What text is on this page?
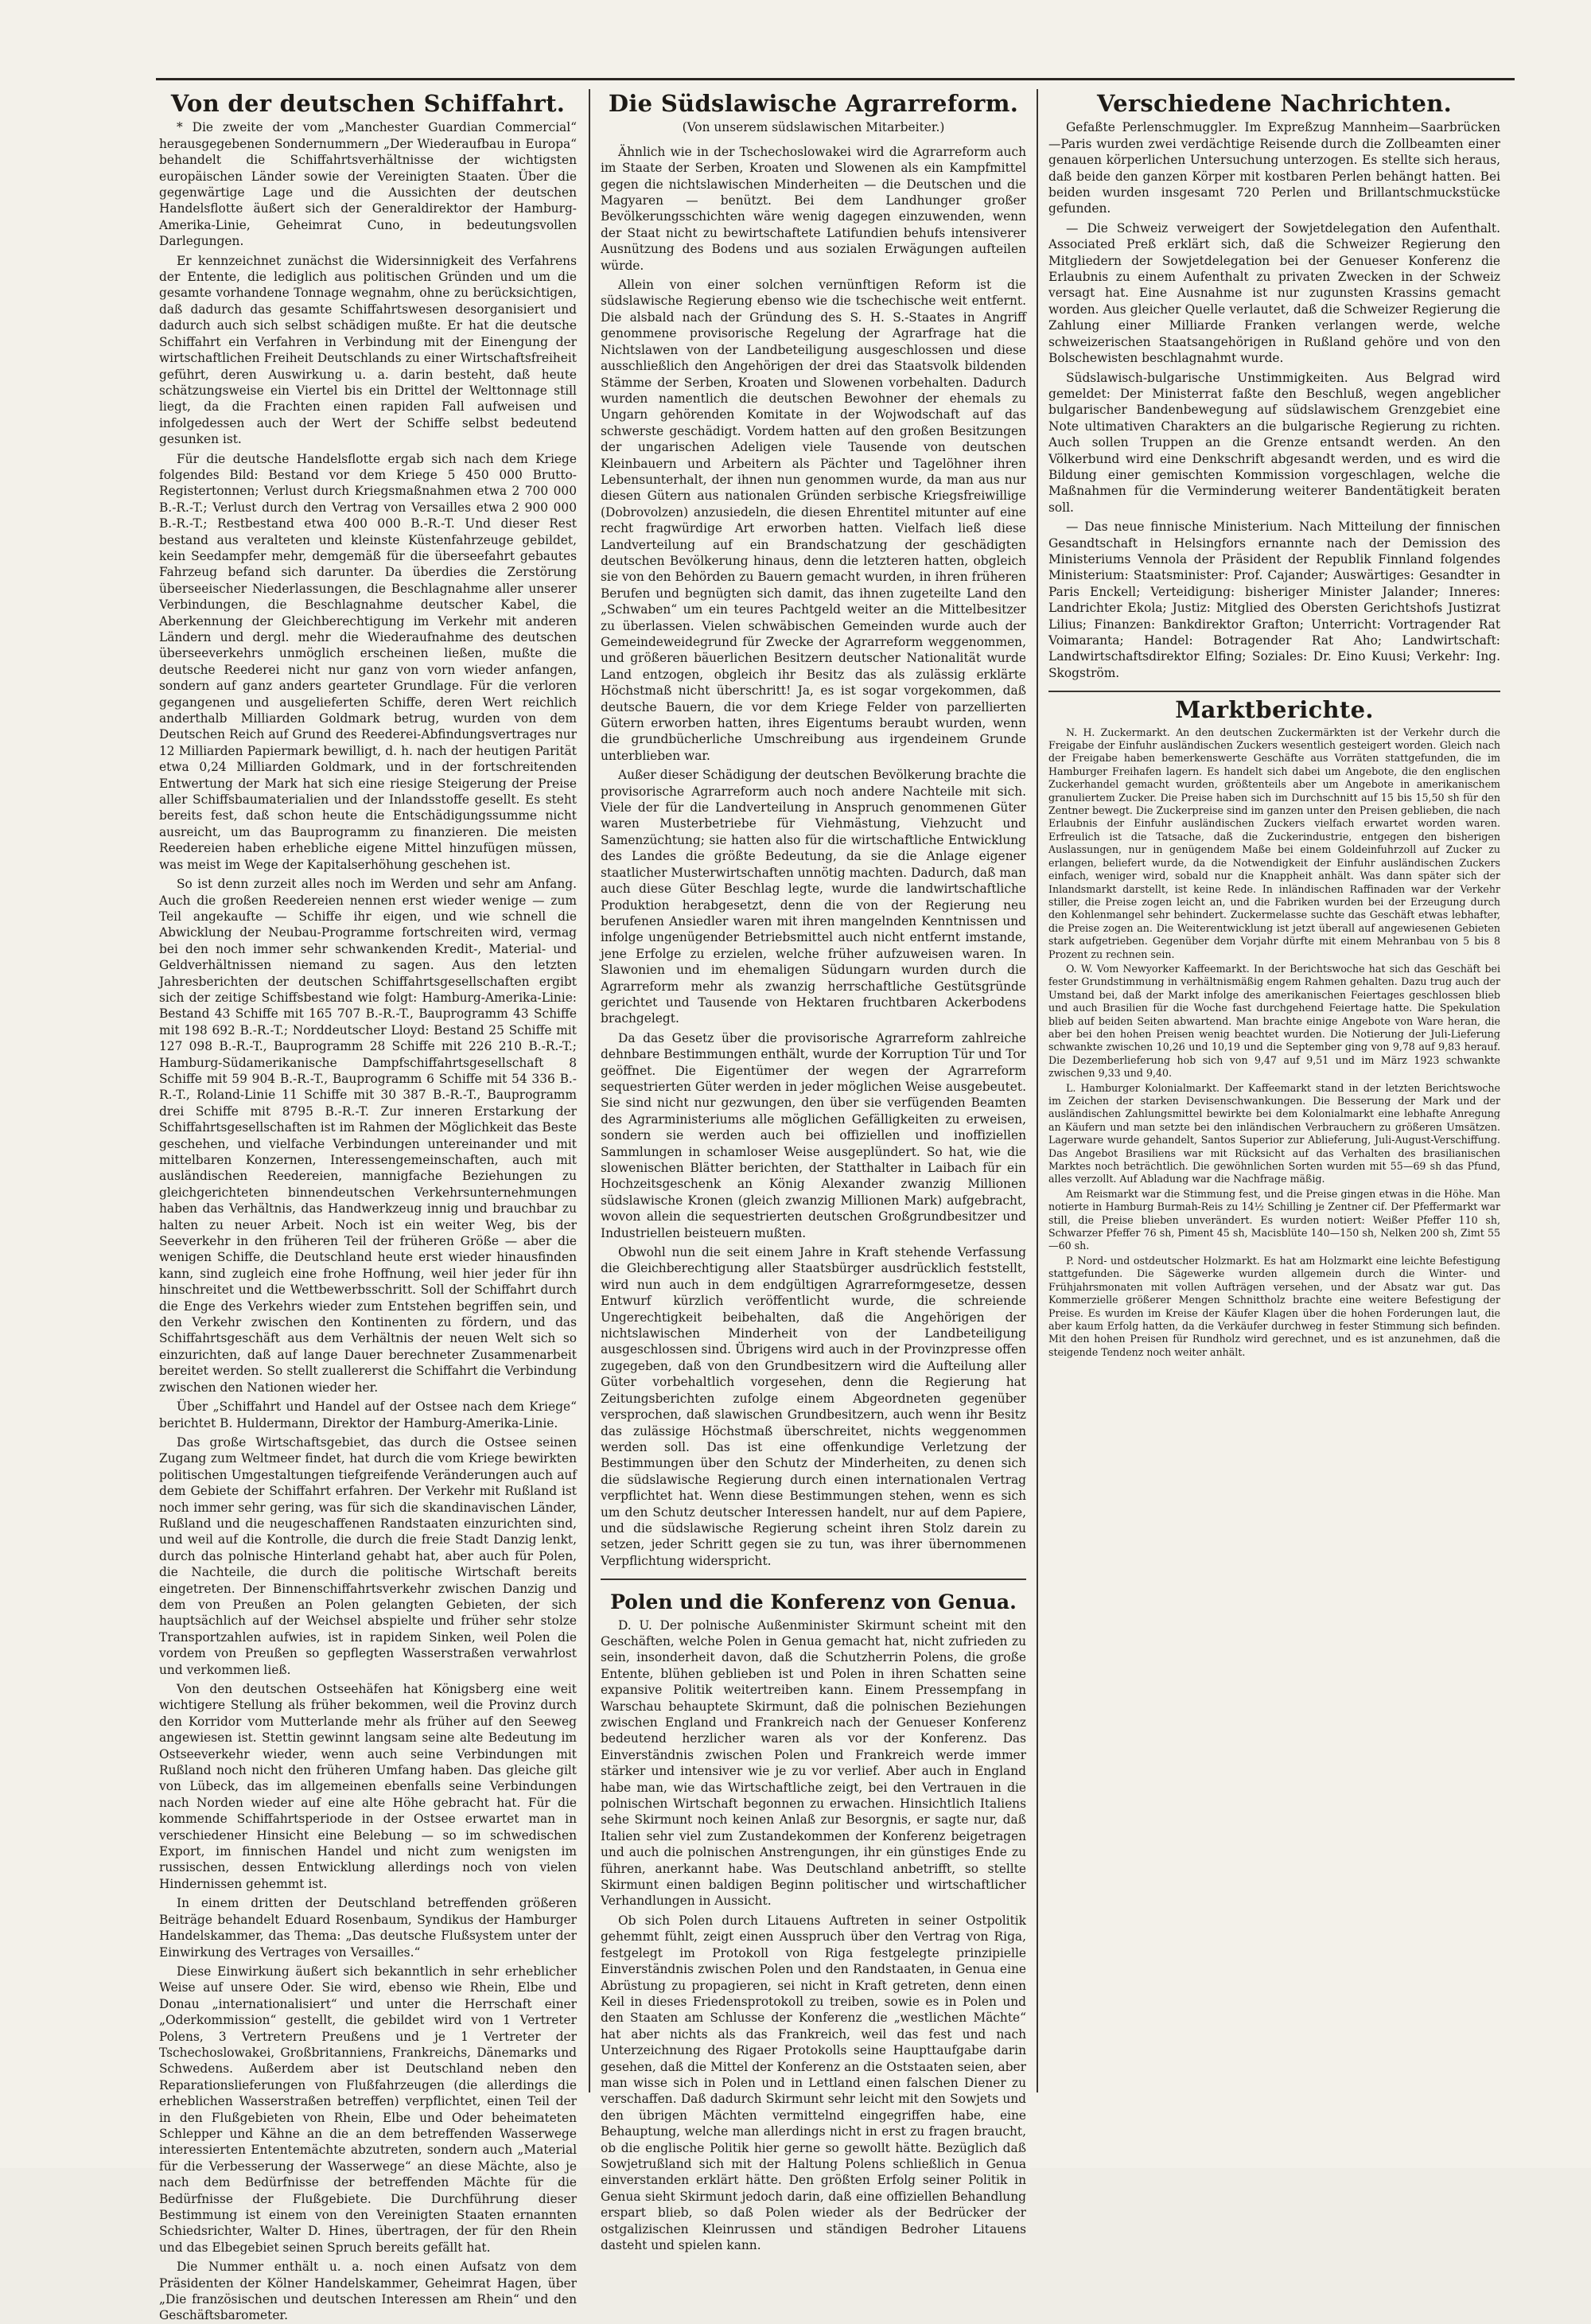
Von der deutschen Schiffahrt.

* Die zweite der vom „Manchester Guardian Commercial“ herausgegebenen Sondernummern „Der Wiederaufbau in Europa“ behandelt die Schiffahrtsverhältnisse der wichtigsten europäischen Länder sowie der Vereinigten Staaten. Über die gegenwärtige Lage und die Aussichten der deutschen Handelsflotte äußert sich der Generaldirektor der Hamburg-Amerika-Linie, Geheimrat Cuno, in bedeutungsvollen Darlegungen.

Er kennzeichnet zunächst die Widersinnigkeit des Verfahrens der Entente, die lediglich aus politischen Gründen und um die gesamte vorhandene Tonnage wegnahm, ohne zu berücksichtigen, daß dadurch das gesamte Schiffahrtswesen desorganisiert und dadurch auch sich selbst schädigen mußte. Er hat die deutsche Schiffahrt ein Verfahren in Verbindung mit der Einengung der wirtschaftlichen Freiheit Deutschlands zu einer Wirtschaftsfreiheit geführt, deren Auswirkung u. a. darin besteht, daß heute schätzungsweise ein Viertel bis ein Drittel der Welttonnage still liegt, da die Frachten einen rapiden Fall aufweisen und infolgedessen auch der Wert der Schiffe selbst bedeutend gesunken ist.

Für die deutsche Handelsflotte ergab sich nach dem Kriege folgendes Bild: Bestand vor dem Kriege 5 450 000 Brutto-Registertonnen; Verlust durch Kriegsmaßnahmen etwa 2 700 000 B.-R.-T.; Verlust durch den Vertrag von Versailles etwa 2 900 000 B.-R.-T.; Restbestand etwa 400 000 B.-R.-T. Und dieser Rest bestand aus veralteten und kleinste Küstenfahrzeuge gebildet, kein Seedampfer mehr, demgemäß für die überseefahrt gebautes Fahrzeug befand sich darunter. Da überdies die Zerstörung überseeischer Niederlassungen, die Beschlagnahme aller unserer Verbindungen, die Beschlagnahme deutscher Kabel, die Aberkennung der Gleichberechtigung im Verkehr mit anderen Ländern und dergl. mehr die Wiederaufnahme des deutschen überseeverkehrs unmöglich erscheinen ließen, mußte die deutsche Reederei nicht nur ganz von vorn wieder anfangen, sondern auf ganz anders gearteter Grundlage. Für die verloren gegangenen und ausgelieferten Schiffe, deren Wert reichlich anderthalb Milliarden Goldmark betrug, wurden von dem Deutschen Reich auf Grund des Reederei-Abfindungsvertrages nur 12 Milliarden Papiermark bewilligt, d. h. nach der heutigen Parität etwa 0,24 Milliarden Goldmark, und in der fortschreitenden Entwertung der Mark hat sich eine riesige Steigerung der Preise aller Schiffsbaumaterialien und der Inlandsstoffe gesellt. Es steht bereits fest, daß schon heute die Entschädigungssumme nicht ausreicht, um das Bauprogramm zu finanzieren. Die meisten Reedereien haben erhebliche eigene Mittel hinzufügen müssen, was meist im Wege der Kapitalserhöhung geschehen ist.

So ist denn zurzeit alles noch im Werden und sehr am Anfang. Auch die großen Reedereien nennen erst wieder wenige — zum Teil angekaufte — Schiffe ihr eigen, und wie schnell die Abwicklung der Neubau-Programme fortschreiten wird, vermag bei den noch immer sehr schwankenden Kredit-, Material- und Geldverhältnissen niemand zu sagen. Aus den letzten Jahresberichten der deutschen Schiffahrtsgesellschaften ergibt sich der zeitige Schiffsbestand wie folgt: Hamburg-Amerika-Linie: Bestand 43 Schiffe mit 165 707 B.-R.-T., Bauprogramm 43 Schiffe mit 198 692 B.-R.-T.; Norddeutscher Lloyd: Bestand 25 Schiffe mit 127 098 B.-R.-T., Bauprogramm 28 Schiffe mit 226 210 B.-R.-T.; Hamburg-Südamerikanische Dampfschiffahrtsgesellschaft 8 Schiffe mit 59 904 B.-R.-T., Bauprogramm 6 Schiffe mit 54 336 B.-R.-T., Roland-Linie 11 Schiffe mit 30 387 B.-R.-T., Bauprogramm drei Schiffe mit 8795 B.-R.-T. Zur inneren Erstarkung der Schiffahrtsgesellschaften ist im Rahmen der Möglichkeit das Beste geschehen, und vielfache Verbindungen untereinander und mit mittelbaren Konzernen, Interessengemeinschaften, auch mit ausländischen Reedereien, mannigfache Beziehungen zu gleichgerichteten binnendeutschen Verkehrsunternehmungen haben das Verhältnis, das Handwerkzeug innig und brauchbar zu halten zu neuer Arbeit. Noch ist ein weiter Weg, bis der Seeverkehr in den früheren Teil der früheren Größe — aber die wenigen Schiffe, die Deutschland heute erst wieder hinausfinden kann, sind zugleich eine frohe Hoffnung, weil hier jeder für ihn hinschreitet und die Wettbewerbsschritt. Soll der Schiffahrt durch die Enge des Verkehrs wieder zum Entstehen begriffen sein, und den Verkehr zwischen den Kontinenten zu fördern, und das Schiffahrtsgeschäft aus dem Verhältnis der neuen Welt sich so einzurichten, daß auf lange Dauer berechneter Zusammenarbeit bereitet werden. So stellt zuallererst die Schiffahrt die Verbindung zwischen den Nationen wieder her.

Über „Schiffahrt und Handel auf der Ostsee nach dem Kriege“ berichtet B. Huldermann, Direktor der Hamburg-Amerika-Linie.

Das große Wirtschaftsgebiet, das durch die Ostsee seinen Zugang zum Weltmeer findet, hat durch die vom Kriege bewirkten politischen Umgestaltungen tiefgreifende Veränderungen auch auf dem Gebiete der Schiffahrt erfahren. Der Verkehr mit Rußland ist noch immer sehr gering, was für sich die skandinavischen Länder, Rußland und die neugeschaffenen Randstaaten einzurichten sind, und weil auf die Kontrolle, die durch die freie Stadt Danzig lenkt, durch das polnische Hinterland gehabt hat, aber auch für Polen, die Nachteile, die durch die politische Wirtschaft bereits eingetreten. Der Binnenschiffahrtsverkehr zwischen Danzig und dem von Preußen an Polen gelangten Gebieten, der sich hauptsächlich auf der Weichsel abspielte und früher sehr stolze Transportzahlen aufwies, ist in rapidem Sinken, weil Polen die vordem von Preußen so gepflegten Wasserstraßen verwahrlost und verkommen ließ.

Von den deutschen Ostseehäfen hat Königsberg eine weit wichtigere Stellung als früher bekommen, weil die Provinz durch den Korridor vom Mutterlande mehr als früher auf den Seeweg angewiesen ist. Stettin gewinnt langsam seine alte Bedeutung im Ostseeverkehr wieder, wenn auch seine Verbindungen mit Rußland noch nicht den früheren Umfang haben. Das gleiche gilt von Lübeck, das im allgemeinen ebenfalls seine Verbindungen nach Norden wieder auf eine alte Höhe gebracht hat. Für die kommende Schiffahrtsperiode in der Ostsee erwartet man in verschiedener Hinsicht eine Belebung — so im schwedischen Export, im finnischen Handel und nicht zum wenigsten im russischen, dessen Entwicklung allerdings noch von vielen Hindernissen gehemmt ist.

In einem dritten der Deutschland betreffenden größeren Beiträge behandelt Eduard Rosenbaum, Syndikus der Hamburger Handelskammer, das Thema: „Das deutsche Flußsystem unter der Einwirkung des Vertrages von Versailles.“

Diese Einwirkung äußert sich bekanntlich in sehr erheblicher Weise auf unsere Oder. Sie wird, ebenso wie Rhein, Elbe und Donau „internationalisiert“ und unter die Herrschaft einer „Oderkommission“ gestellt, die gebildet wird von 1 Vertreter Polens, 3 Vertretern Preußens und je 1 Vertreter der Tschechoslowakei, Großbritanniens, Frankreichs, Dänemarks und Schwedens. Außerdem aber ist Deutschland neben den Reparationslieferungen von Flußfahrzeugen (die allerdings die erheblichen Wasserstraßen betreffen) verpflichtet, einen Teil der in den Flußgebieten von Rhein, Elbe und Oder beheimateten Schlepper und Kähne an die an dem betreffenden Wasserwege interessierten Ententemächte abzutreten, sondern auch „Material für die Verbesserung der Wasserwege“ an diese Mächte, also je nach dem Bedürfnisse der betreffenden Mächte für die Bedürfnisse der Flußgebiete. Die Durchführung dieser Bestimmung ist einem von den Vereinigten Staaten ernannten Schiedsrichter, Walter D. Hines, übertragen, der für den Rhein und das Elbegebiet seinen Spruch bereits gefällt hat.

Die Nummer enthält u. a. noch einen Aufsatz von dem Präsidenten der Kölner Handelskammer, Geheimrat Hagen, über „Die französischen und deutschen Interessen am Rhein“ und den Geschäftsbarometer.

Die Südslawische Agrarreform.
(Von unserem südslawischen Mitarbeiter.)

Ähnlich wie in der Tschechoslowakei wird die Agrarreform auch im Staate der Serben, Kroaten und Slowenen als ein Kampfmittel gegen die nichtslawischen Minderheiten — die Deutschen und die Magyaren — benützt. Bei dem Landhunger großer Bevölkerungsschichten wäre wenig dagegen einzuwenden, wenn der Staat nicht zu bewirtschaftete Latifundien behufs intensiverer Ausnützung des Bodens und aus sozialen Erwägungen aufteilen würde.

Allein von einer solchen vernünftigen Reform ist die südslawische Regierung ebenso wie die tschechische weit entfernt. Die alsbald nach der Gründung des S. H. S.-Staates in Angriff genommene provisorische Regelung der Agrarfrage hat die Nichtslawen von der Landbeteiligung ausgeschlossen und diese ausschließlich den Angehörigen der drei das Staatsvolk bildenden Stämme der Serben, Kroaten und Slowenen vorbehalten. Dadurch wurden namentlich die deutschen Bewohner der ehemals zu Ungarn gehörenden Komitate in der Wojwodschaft auf das schwerste geschädigt. Vordem hatten auf den großen Besitzungen der ungarischen Adeligen viele Tausende von deutschen Kleinbauern und Arbeitern als Pächter und Tagelöhner ihren Lebensunterhalt, der ihnen nun genommen wurde, da man aus nur diesen Gütern aus nationalen Gründen serbische Kriegsfreiwillige (Dobrovolzen) anzusiedeln, die diesen Ehrentitel mitunter auf eine recht fragwürdige Art erworben hatten. Vielfach ließ diese Landverteilung auf ein Brandschatzung der geschädigten deutschen Bevölkerung hinaus, denn die letzteren hatten, obgleich sie von den Behörden zu Bauern gemacht wurden, in ihren früheren Berufen und begnügten sich damit, das ihnen zugeteilte Land den „Schwaben“ um ein teures Pachtgeld weiter an die Mittelbesitzer zu überlassen. Vielen schwäbischen Gemeinden wurde auch der Gemeindeweidegrund für Zwecke der Agrarreform weggenommen, und größeren bäuerlichen Besitzern deutscher Nationalität wurde Land entzogen, obgleich ihr Besitz das als zulässig erklärte Höchstmaß nicht überschritt! Ja, es ist sogar vorgekommen, daß deutsche Bauern, die vor dem Kriege Felder von parzellierten Gütern erworben hatten, ihres Eigentums beraubt wurden, wenn die grundbücherliche Umschreibung aus irgendeinem Grunde unterblieben war.

Außer dieser Schädigung der deutschen Bevölkerung brachte die provisorische Agrarreform auch noch andere Nachteile mit sich. Viele der für die Landverteilung in Anspruch genommenen Güter waren Musterbetriebe für Viehmästung, Viehzucht und Samenzüchtung; sie hatten also für die wirtschaftliche Entwicklung des Landes die größte Bedeutung, da sie die Anlage eigener staatlicher Musterwirtschaften unnötig machten. Dadurch, daß man auch diese Güter Beschlag legte, wurde die landwirtschaftliche Produktion herabgesetzt, denn die von der Regierung neu berufenen Ansiedler waren mit ihren mangelnden Kenntnissen und infolge ungenügender Betriebsmittel auch nicht entfernt imstande, jene Erfolge zu erzielen, welche früher aufzuweisen waren. In Slawonien und im ehemaligen Südungarn wurden durch die Agrarreform mehr als zwanzig herrschaftliche Gestütsgründe gerichtet und Tausende von Hektaren fruchtbaren Ackerbodens brachgelegt.

Da das Gesetz über die provisorische Agrarreform zahlreiche dehnbare Bestimmungen enthält, wurde der Korruption Tür und Tor geöffnet. Die Eigentümer der wegen der Agrarreform sequestrierten Güter werden in jeder möglichen Weise ausgebeutet. Sie sind nicht nur gezwungen, den über sie verfügenden Beamten des Agrarministeriums alle möglichen Gefälligkeiten zu erweisen, sondern sie werden auch bei offiziellen und inoffiziellen Sammlungen in schamloser Weise ausgeplündert. So hat, wie die slowenischen Blätter berichten, der Statthalter in Laibach für ein Hochzeitsgeschenk an König Alexander zwanzig Millionen südslawische Kronen (gleich zwanzig Millionen Mark) aufgebracht, wovon allein die sequestrierten deutschen Großgrundbesitzer und Industriellen beisteuern mußten.

Obwohl nun die seit einem Jahre in Kraft stehende Verfassung die Gleichberechtigung aller Staatsbürger ausdrücklich feststellt, wird nun auch in dem endgültigen Agrarreformgesetze, dessen Entwurf kürzlich veröffentlicht wurde, die schreiende Ungerechtigkeit beibehalten, daß die Angehörigen der nichtslawischen Minderheit von der Landbeteiligung ausgeschlossen sind. Übrigens wird auch in der Provinzpresse offen zugegeben, daß von den Grundbesitzern wird die Aufteilung aller Güter vorbehaltlich vorgesehen, denn die Regierung hat Zeitungsberichten zufolge einem Abgeordneten gegenüber versprochen, daß slawischen Grundbesitzern, auch wenn ihr Besitz das zulässige Höchstmaß überschreitet, nichts weggenommen werden soll. Das ist eine offenkundige Verletzung der Bestimmungen über den Schutz der Minderheiten, zu denen sich die südslawische Regierung durch einen internationalen Vertrag verpflichtet hat. Wenn diese Bestimmungen stehen, wenn es sich um den Schutz deutscher Interessen handelt, nur auf dem Papiere, und die südslawische Regierung scheint ihren Stolz darein zu setzen, jeder Schritt gegen sie zu tun, was ihrer übernommenen Verpflichtung widerspricht.

Polen und die Konferenz von Genua.

D. U. Der polnische Außenminister Skirmunt scheint mit den Geschäften, welche Polen in Genua gemacht hat, nicht zufrieden zu sein, insonderheit davon, daß die Schutzherrin Polens, die große Entente, blühen geblieben ist und Polen in ihren Schatten seine expansive Politik weitertreiben kann. Einem Pressempfang in Warschau behauptete Skirmunt, daß die polnischen Beziehungen zwischen England und Frankreich nach der Genueser Konferenz bedeutend herzlicher waren als vor der Konferenz. Das Einverständnis zwischen Polen und Frankreich werde immer stärker und intensiver wie je zu vor verlief. Aber auch in England habe man, wie das Wirtschaftliche zeigt, bei den Vertrauen in die polnischen Wirtschaft begonnen zu erwachen. Hinsichtlich Italiens sehe Skirmunt noch keinen Anlaß zur Besorgnis, er sagte nur, daß Italien sehr viel zum Zustandekommen der Konferenz beigetragen und auch die polnischen Anstrengungen, ihr ein günstiges Ende zu führen, anerkannt habe. Was Deutschland anbetrifft, so stellte Skirmunt einen baldigen Beginn politischer und wirtschaftlicher Verhandlungen in Aussicht.

Ob sich Polen durch Litauens Auftreten in seiner Ostpolitik gehemmt fühlt, zeigt einen Ausspruch über den Vertrag von Riga, festgelegt im Protokoll von Riga festgelegte prinzipielle Einverständnis zwischen Polen und den Randstaaten, in Genua eine Abrüstung zu propagieren, sei nicht in Kraft getreten, denn einen Keil in dieses Friedensprotokoll zu treiben, sowie es in Polen und den Staaten am Schlusse der Konferenz die „westlichen Mächte“ hat aber nichts als das Frankreich, weil das fest und nach Unterzeichnung des Rigaer Protokolls seine Haupttaufgabe darin gesehen, daß die Mittel der Konferenz an die Oststaaten seien, aber man wisse sich in Polen und in Lettland einen falschen Diener zu verschaffen. Daß dadurch Skirmunt sehr leicht mit den Sowjets und den übrigen Mächten vermittelnd eingegriffen habe, eine Behauptung, welche man allerdings nicht in erst zu fragen braucht, ob die englische Politik hier gerne so gewollt hätte. Bezüglich daß Sowjetrußland sich mit der Haltung Polens schließlich in Genua einverstanden erklärt hätte. Den größten Erfolg seiner Politik in Genua sieht Skirmunt jedoch darin, daß eine offiziellen Behandlung erspart blieb, so daß Polen wieder als der Bedrücker der ostgalizischen Kleinrussen und ständigen Bedroher Litauens dasteht und spielen kann.

Verschiedene Nachrichten.

Gefaßte Perlenschmuggler. Im Expreßzug Mannheim—Saarbrücken—Paris wurden zwei verdächtige Reisende durch die Zollbeamten einer genauen körperlichen Untersuchung unterzogen. Es stellte sich heraus, daß beide den ganzen Körper mit kostbaren Perlen behängt hatten. Bei beiden wurden insgesamt 720 Perlen und Brillantschmuckstücke gefunden.

— Die Schweiz verweigert der Sowjetdelegation den Aufenthalt. Associated Preß erklärt sich, daß die Schweizer Regierung den Mitgliedern der Sowjetdelegation bei der Genueser Konferenz die Erlaubnis zu einem Aufenthalt zu privaten Zwecken in der Schweiz versagt hat. Eine Ausnahme ist nur zugunsten Krassins gemacht worden. Aus gleicher Quelle verlautet, daß die Schweizer Regierung die Zahlung einer Milliarde Franken verlangen werde, welche schweizerischen Staatsangehörigen in Rußland gehöre und von den Bolschewisten beschlagnahmt wurde.

Südslawisch-bulgarische Unstimmigkeiten. Aus Belgrad wird gemeldet: Der Ministerrat faßte den Beschluß, wegen angeblicher bulgarischer Bandenbewegung auf südslawischem Grenzgebiet eine Note ultimativen Charakters an die bulgarische Regierung zu richten. Auch sollen Truppen an die Grenze entsandt werden. An den Völkerbund wird eine Denkschrift abgesandt werden, und es wird die Bildung einer gemischten Kommission vorgeschlagen, welche die Maßnahmen für die Verminderung weiterer Bandentätigkeit beraten soll.

— Das neue finnische Ministerium. Nach Mitteilung der finnischen Gesandtschaft in Helsingfors ernannte nach der Demission des Ministeriums Vennola der Präsident der Republik Finnland folgendes Ministerium: Staatsminister: Prof. Cajander; Auswärtiges: Gesandter in Paris Enckell; Verteidigung: bisheriger Minister Jalander; Inneres: Landrichter Ekola; Justiz: Mitglied des Obersten Gerichtshofs Justizrat Lilius; Finanzen: Bankdirektor Grafton; Unterricht: Vortragender Rat Voimaranta; Handel: Botragender Rat Aho; Landwirtschaft: Landwirtschaftsdirektor Elfing; Soziales: Dr. Eino Kuusi; Verkehr: Ing. Skogström.

Marktberichte.

N. H. Zuckermarkt. An den deutschen Zuckermärkten ist der Verkehr durch die Freigabe der Einfuhr ausländischen Zuckers wesentlich gesteigert worden. Gleich nach der Freigabe haben bemerkenswerte Geschäfte aus Vorräten stattgefunden, die im Hamburger Freihafen lagern. Es handelt sich dabei um Angebote, die den englischen Zuckerhandel gemacht wurden, größtenteils aber um Angebote in amerikanischem granuliertem Zucker. Die Preise haben sich im Durchschnitt auf 15 bis 15,50 sh für den Zentner bewegt. Die Zuckerpreise sind im ganzen unter den Preisen geblieben, die nach Erlaubnis der Einfuhr ausländischen Zuckers vielfach erwartet worden waren. Erfreulich ist die Tatsache, daß die Zuckerindustrie, entgegen den bisherigen Auslassungen, nur in genügendem Maße bei einem Goldeinfuhrzoll auf Zucker zu erlangen, beliefert wurde, da die Notwendigkeit der Einfuhr ausländischen Zuckers einfach, weniger wird, sobald nur die Knappheit anhält. Was dann später sich der Inlandsmarkt darstellt, ist keine Rede. In inländischen Raffinaden war der Verkehr stiller, die Preise zogen leicht an, und die Fabriken wurden bei der Erzeugung durch den Kohlenmangel sehr behindert. Zuckermelasse suchte das Geschäft etwas lebhafter, die Preise zogen an. Die Weiterentwicklung ist jetzt überall auf angewiesenen Gebieten stark aufgetrieben. Gegenüber dem Vorjahr dürfte mit einem Mehranbau von 5 bis 8 Prozent zu rechnen sein.

O. W. Vom Newyorker Kaffeemarkt. In der Berichtswoche hat sich das Geschäft bei fester Grundstimmung in verhältnismäßig engem Rahmen gehalten. Dazu trug auch der Umstand bei, daß der Markt infolge des amerikanischen Feiertages geschlossen blieb und auch Brasilien für die Woche fast durchgehend Feiertage hatte. Die Spekulation blieb auf beiden Seiten abwartend. Man brachte einige Angebote von Ware heran, die aber bei den hohen Preisen wenig beachtet wurden. Die Notierung der Juli-Lieferung schwankte zwischen 10,26 und 10,19 und die September ging von 9,78 auf 9,83 herauf. Die Dezemberlieferung hob sich von 9,47 auf 9,51 und im März 1923 schwankte zwischen 9,33 und 9,40.

L. Hamburger Kolonialmarkt. Der Kaffeemarkt stand in der letzten Berichtswoche im Zeichen der starken Devisenschwankungen. Die Besserung der Mark und der ausländischen Zahlungsmittel bewirkte bei dem Kolonialmarkt eine lebhafte Anregung an Käufern und man setzte bei den inländischen Verbrauchern zu größeren Umsätzen. Lagerware wurde gehandelt, Santos Superior zur Ablieferung, Juli-August-Verschiffung. Das Angebot Brasiliens war mit Rücksicht auf das Verhalten des brasilianischen Marktes noch beträchtlich. Die gewöhnlichen Sorten wurden mit 55—69 sh das Pfund, alles verzollt. Auf Abladung war die Nachfrage mäßig.

Am Reismarkt war die Stimmung fest, und die Preise gingen etwas in die Höhe. Man notierte in Hamburg Burmah-Reis zu 14½ Schilling je Zentner cif. Der Pfeffermarkt war still, die Preise blieben unverändert. Es wurden notiert: Weißer Pfeffer 110 sh, Schwarzer Pfeffer 76 sh, Piment 45 sh, Macisblüte 140—150 sh, Nelken 200 sh, Zimt 55—60 sh.

P. Nord- und ostdeutscher Holzmarkt. Es hat am Holzmarkt eine leichte Befestigung stattgefunden. Die Sägewerke wurden allgemein durch die Winter- und Frühjahrsmonaten mit vollen Aufträgen versehen, und der Absatz war gut. Das Kommerzielle größerer Mengen Schnittholz brachte eine weitere Befestigung der Preise. Es wurden im Kreise der Käufer Klagen über die hohen Forderungen laut, die aber kaum Erfolg hatten, da die Verkäufer durchweg in fester Stimmung sich befinden. Mit den hohen Preisen für Rundholz wird gerechnet, und es ist anzunehmen, daß die steigende Tendenz noch weiter anhält.
